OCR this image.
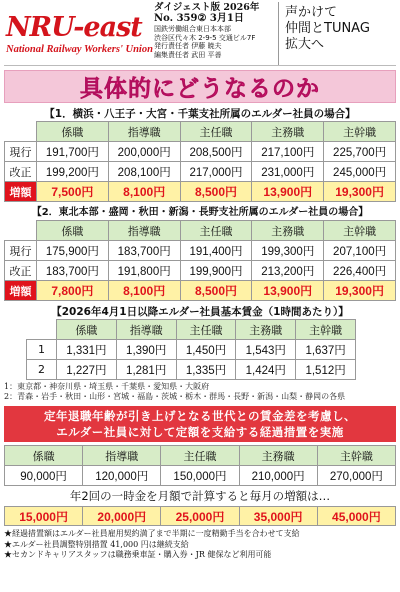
NRU-east
National Railway Workers' Union
ダイジェスト版 2026年
No. 359② 3月1日
国鉄労働組合東日本本部
渋谷区代々木 2-9-5 交通ビル7F
発行責任者 伊藤 暁夫
編集責任者 武田 平善
声かけて
仲間とTUNAG
拡大へ
具体的にどうなるのか
【1．横浜・八王子・大宮・千葉支社所属のエルダー社員の場合】
	係職	指導職	主任職	主務職	主幹職
現行	191,700円	200,000円	208,500円	217,100円	225,700円
改正	199,200円	208,100円	217,000円	231,000円	245,000円
増額	7,500円	8,100円	8,500円	13,900円	19,300円
【2．東北本部・盛岡・秋田・新潟・長野支社所属のエルダー社員の場合】
	係職	指導職	主任職	主務職	主幹職
現行	175,900円	183,700円	191,400円	199,300円	207,100円
改正	183,700円	191,800円	199,900円	213,200円	226,400円
増額	7,800円	8,100円	8,500円	13,900円	19,300円
【2026年4月1日以降エルダー社員基本賃金（1時間あたり）】
	係職	指導職	主任職	主務職	主幹職
1	1,331円	1,390円	1,450円	1,543円	1,637円
2	1,227円	1,281円	1,335円	1,424円	1,512円
1：東京都・神奈川県・埼玉県・千葉県・愛知県・大阪府
2：青森・岩手・秋田・山形・宮城・福島・茨城・栃木・群馬・長野・新潟・山梨・静岡の各県
定年退職年齢が引き上げとなる世代との賃金差を考慮し、
エルダー社員に対して定額を支給する経過措置を実施
係職	指導職	主任職	主務職	主幹職
90,000円	120,000円	150,000円	210,000円	270,000円
年2回の一時金を月額で計算すると毎月の増額は…
15,000円	20,000円	25,000円	35,000円	45,000円
★経過措置額はエルダー社員雇用契約満了まで半期に一度精勤手当を合わせて支給
★エルダー社員調整特別措置 41,000 円は継続支給
★セカンドキャリアスタッフは職務乗車証・購入券・JR 健保など利用可能
